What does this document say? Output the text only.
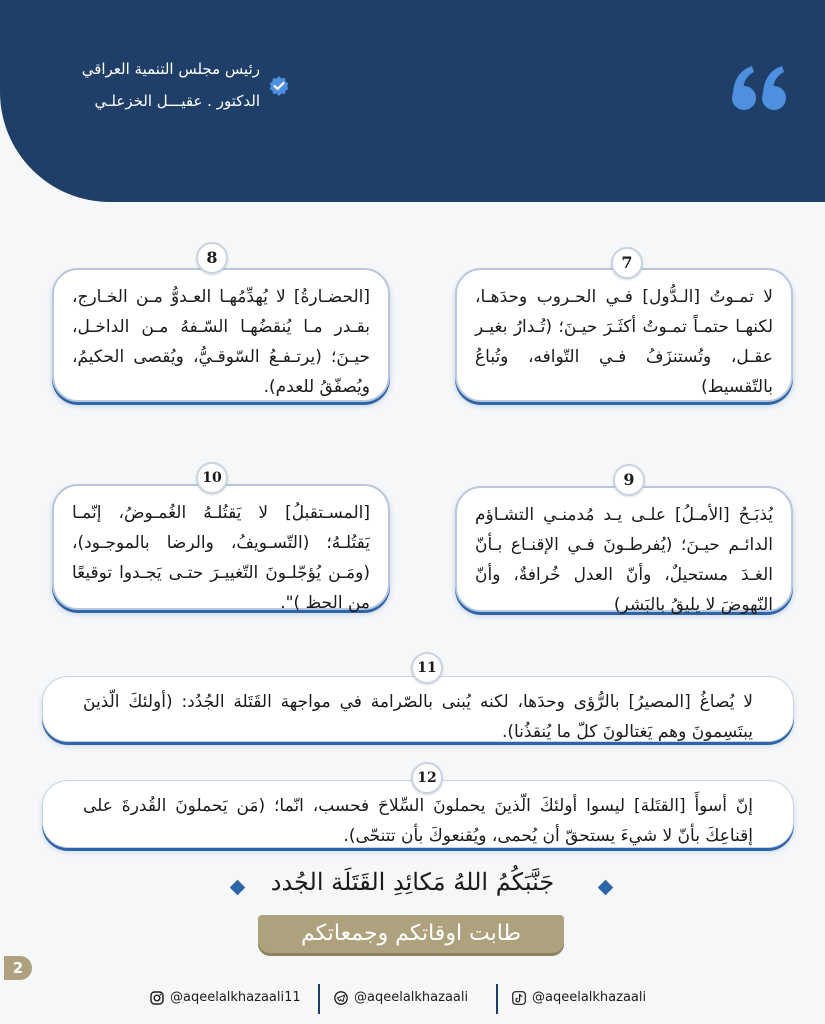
رئيس مجلس التنمية العراقي
الدكتور . عقيـــل الخزعلـي

لا تمـوتُ [الـدُّول] فـي الحـروب وحدَهـا، لكنهـا حتمـاً تمـوتُ أكثَـرَ حيـنَ؛ (تُـدارُ بغيـر عقـل، وتُستنزَفُ فـي التّوافه، وتُباعُ بالتّقسيط)

7

[الحضـارةُ] لا يُهدِّمُهـا العـدوُّ مـن الخـارج، بقـدر مـا يُنقضُهـا السّـفهُ مـن الداخـل، حيـنَ؛ (يرتـفـعُ السّوقـيُّ، ويُقصى الحكيمُ، ويُصفّقُ للعدم).

8

يُذبَـحُ [الأمـلُ] علـى يـد مُدمنـي التشـاؤم الدائـم حيـنَ؛ (يُفرطـونَ فـي الإقنـاع بـأنّ الغـدَ مستحيلٌ، وأنّ العدل خُرافةٌ، وأنّ النّهوضَ لا يليقُ بالبَشر)

9

[المسـتقبلُ] لا يَقتُلـهُ الغُمـوضُ، إنّمـا يَقتُلـهُ؛ (التّسـويفُ، والرضا بالموجـود)، (ومَـن يُؤجّلـونَ التّغييـرَ حتـى يَجـدوا توقيعًا من الحظ )".

10

لا يُصاغُ [المصيرُ] بالرُّؤى وحدَها، لكنه يُبنى بالصّرامة في مواجهة القَتَلة الجُدُد: (أولئكَ الّذينَ يبتَسِمونَ وهم يَغتالونَ كلّ ما يُنقذُنا).

11

إنّ أسوأَ [القتَلة] ليسوا أولئكَ الّذينَ يحملونَ السِّلاحَ فحسب، انّما؛ (مَن يَحملونَ القُدرةَ على إقناعِكَ بأنّ لا شيءَ يستحقّ أن يُحمى، ويُقنعوكَ بأن تتنحّى).

12
جَنَّبَكُمُ اللهُ مَكائِدِ القَتَلَة الجُدد
طابت اوقاتكم وجمعاتكم
2
@aqeelalkhazaali11	@aqeelalkhazaali	@aqeelalkhazaali
